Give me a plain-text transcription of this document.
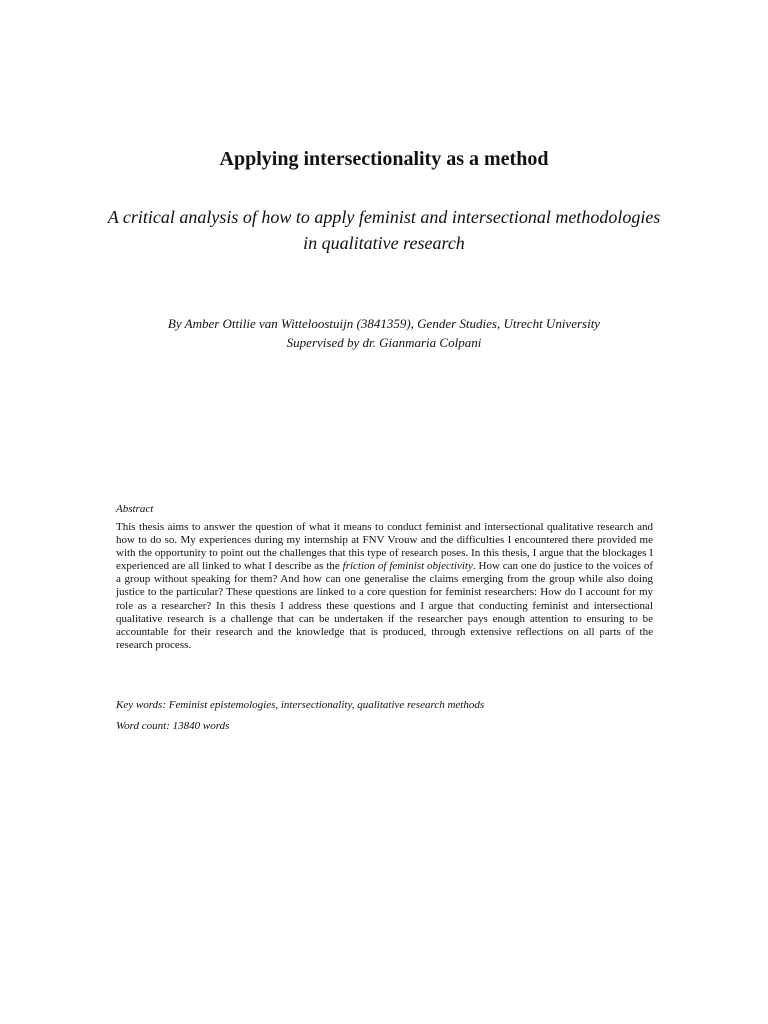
Applying intersectionality as a method
A critical analysis of how to apply feminist and intersectional methodologies in qualitative research
By Amber Ottilie van Witteloostuijn (3841359), Gender Studies, Utrecht University
Supervised by dr. Gianmaria Colpani
Abstract

This thesis aims to answer the question of what it means to conduct feminist and intersectional qualitative research and how to do so. My experiences during my internship at FNV Vrouw and the difficulties I encountered there provided me with the opportunity to point out the challenges that this type of research poses. In this thesis, I argue that the blockages I experienced are all linked to what I describe as the friction of feminist objectivity. How can one do justice to the voices of a group without speaking for them? And how can one generalise the claims emerging from the group while also doing justice to the particular? These questions are linked to a core question for feminist researchers: How do I account for my role as a researcher? In this thesis I address these questions and I argue that conducting feminist and intersectional qualitative research is a challenge that can be undertaken if the researcher pays enough attention to ensuring to be accountable for their research and the knowledge that is produced, through extensive reflections on all parts of the research process.

Key words: Feminist epistemologies, intersectionality, qualitative research methods
Word count: 13840 words
